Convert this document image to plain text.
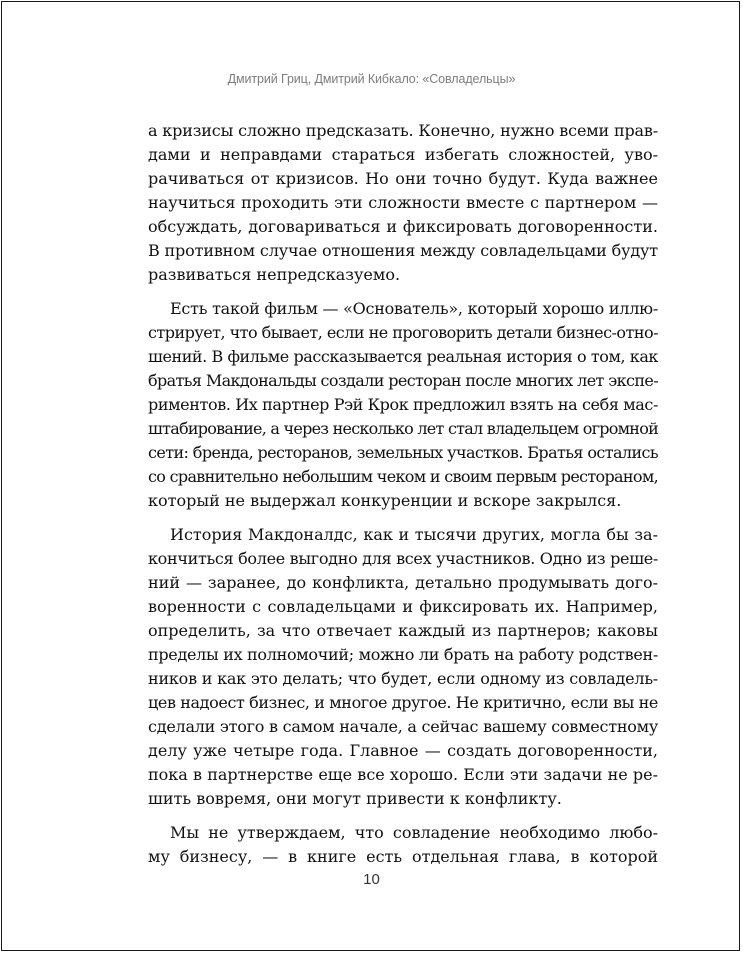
Дмитрий Гриц, Дмитрий Кибкало: «Совладельцы»
а кризисы сложно предсказать. Конечно, нужно всеми прав-
дами и неправдами стараться избегать сложностей, уво-
рачиваться от кризисов. Но они точно будут. Куда важнее
научиться проходить эти сложности вместе с партнером —
обсуждать, договариваться и фиксировать договоренности.
В противном случае отношения между совладельцами будут
развиваться непредсказуемо.
Есть такой фильм — «Основатель», который хорошо иллю-
стрирует, что бывает, если не проговорить детали бизнес-отно-
шений. В фильме рассказывается реальная история о том, как
братья Макдональды создали ресторан после многих лет экспе-
риментов. Их партнер Рэй Крок предложил взять на себя мас-
штабирование, а через несколько лет стал владельцем огромной
сети: бренда, ресторанов, земельных участков. Братья остались
со сравнительно небольшим чеком и своим первым рестораном,
который не выдержал конкуренции и вскоре закрылся.
История Макдоналдс, как и тысячи других, могла бы за-
кончиться более выгодно для всех участников. Одно из реше-
ний — заранее, до конфликта, детально продумывать дого-
воренности с совладельцами и фиксировать их. Например,
определить, за что отвечает каждый из партнеров; каковы
пределы их полномочий; можно ли брать на работу родствен-
ников и как это делать; что будет, если одному из совладель-
цев надоест бизнес, и многое другое. Не критично, если вы не
сделали этого в самом начале, а сейчас вашему совместному
делу уже четыре года. Главное — создать договоренности,
пока в партнерстве еще все хорошо. Если эти задачи не ре-
шить вовремя, они могут привести к конфликту.
Мы не утверждаем, что совладение необходимо любо-
му бизнесу, — в книге есть отдельная глава, в которой
10
